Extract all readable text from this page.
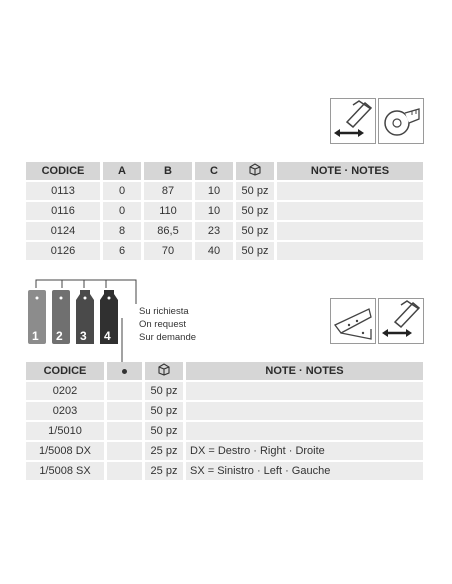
CODICE	A	B	C		NOTE · NOTES
0113	0	87	10	50 pz	
0116	0	110	10	50 pz	
0124	8	86,5	23	50 pz	
0126	6	70	40	50 pz	
1 2 3 4
Su richiesta
On request
Sur demande
CODICE			NOTE · NOTES
0202		50 pz	
0203		50 pz	
1/5010		50 pz	
1/5008 DX		25 pz	DX = Destro · Right · Droite
1/5008 SX		25 pz	SX = Sinistro · Left · Gauche
